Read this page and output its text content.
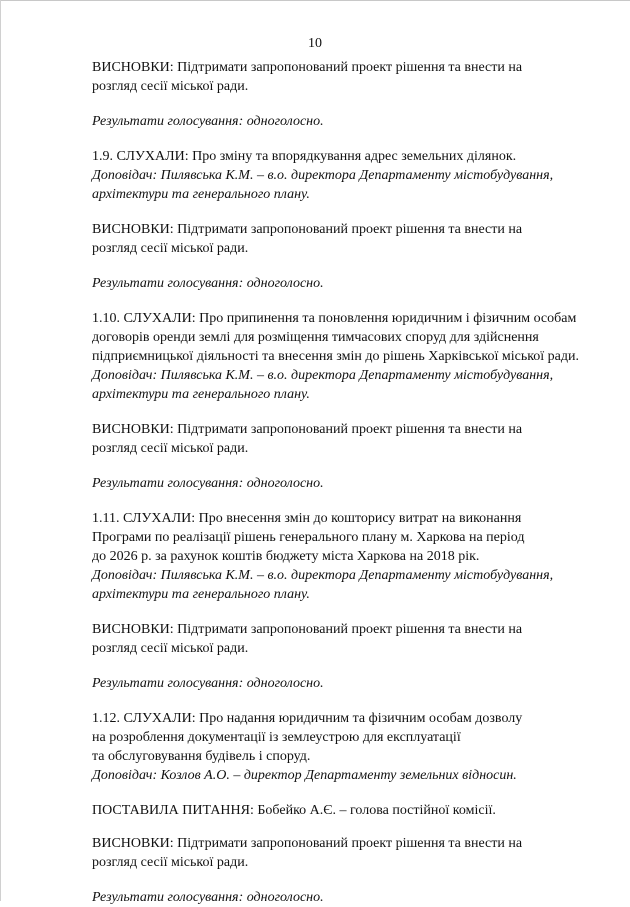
10

ВИСНОВКИ: Підтримати запропонований проект рішення та внести на

розгляд сесії міської ради.

Результати голосування: одноголосно.

1.9. СЛУХАЛИ: Про зміну та впорядкування адрес земельних ділянок.

Доповідач: Пилявська К.М. – в.о. директора Департаменту містобудування,

архітектури та генерального плану.

ВИСНОВКИ: Підтримати запропонований проект рішення та внести на

розгляд сесії міської ради.

Результати голосування: одноголосно.

1.10. СЛУХАЛИ: Про припинення та поновлення юридичним і фізичним особам

договорів оренди землі для розміщення тимчасових споруд для здійснення

підприємницької діяльності та внесення змін до рішень Харківської міської ради.

Доповідач: Пилявська К.М. – в.о. директора Департаменту містобудування,

архітектури та генерального плану.

ВИСНОВКИ: Підтримати запропонований проект рішення та внести на

розгляд сесії міської ради.

Результати голосування: одноголосно.

1.11. СЛУХАЛИ: Про внесення змін до кошторису витрат на виконання

Програми по реалізації рішень генерального плану м. Харкова на період

до 2026 р. за рахунок коштів бюджету міста Харкова на 2018 рік.

Доповідач: Пилявська К.М. – в.о. директора Департаменту містобудування,

архітектури та генерального плану.

ВИСНОВКИ: Підтримати запропонований проект рішення та внести на

розгляд сесії міської ради.

Результати голосування: одноголосно.

1.12. СЛУХАЛИ: Про надання юридичним та фізичним особам дозволу

на розроблення документації із землеустрою для експлуатації

та обслуговування будівель і споруд.

Доповідач: Козлов А.О. – директор Департаменту земельних відносин.

ПОСТАВИЛА ПИТАННЯ: Бобейко А.Є. – голова постійної комісії.

ВИСНОВКИ: Підтримати запропонований проект рішення та внести на

розгляд сесії міської ради.

Результати голосування: одноголосно.
